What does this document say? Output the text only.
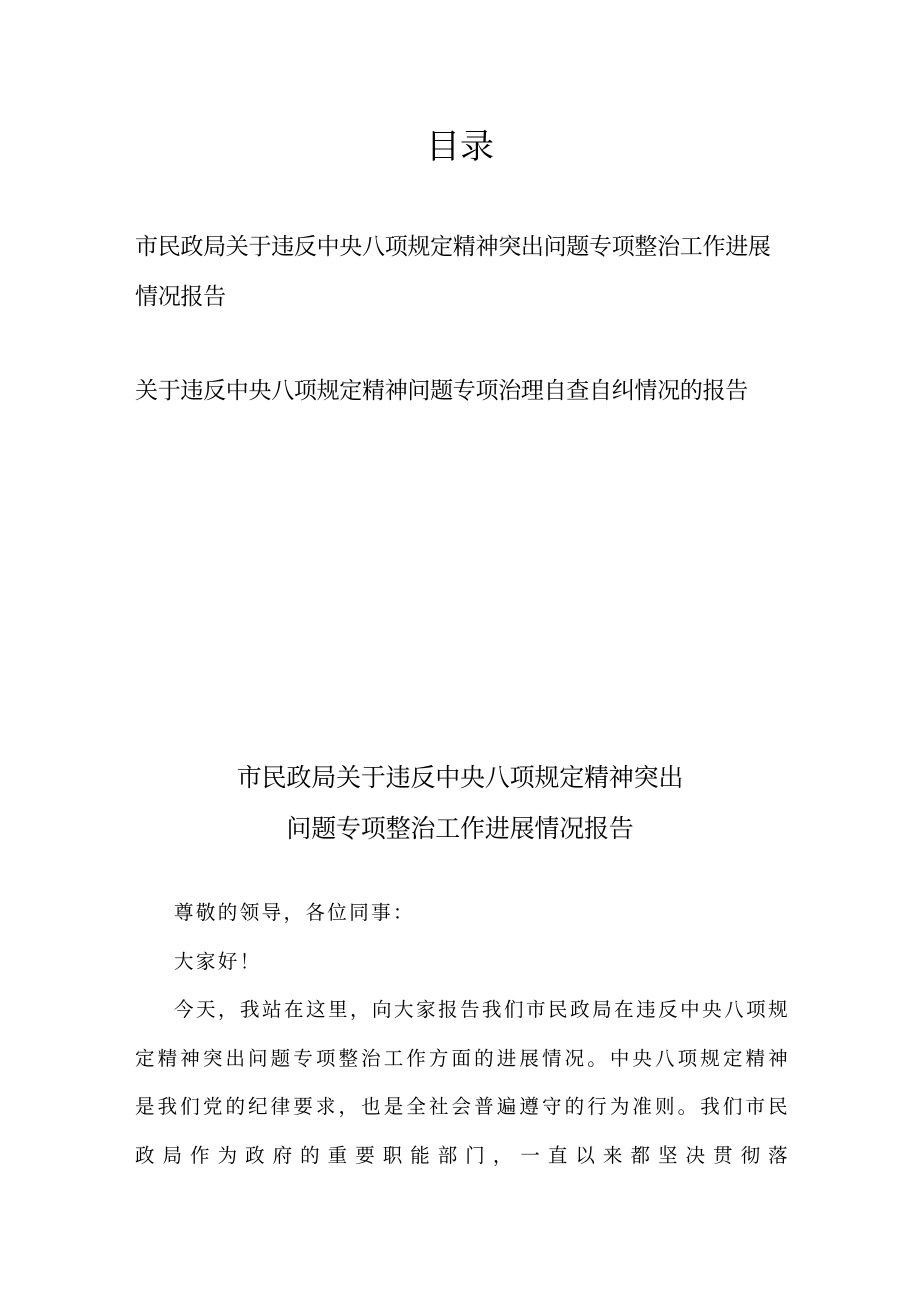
目录
市民政局关于违反中央八项规定精神突出问题专项整治工作进展
情况报告
关于违反中央八项规定精神问题专项治理自查自纠情况的报告
市民政局关于违反中央八项规定精神突出
问题专项整治工作进展情况报告

尊敬的领导，各位同事：

大家好！

今天，我站在这里，向大家报告我们市民政局在违反中央八项规定精神突出问题专项整治工作方面的进展情况。中央八项规定精神是我们党的纪律要求，也是全社会普遍遵守的行为准则。我们市民政局作为政府的重要职能部门，一直以来都坚决贯彻落
